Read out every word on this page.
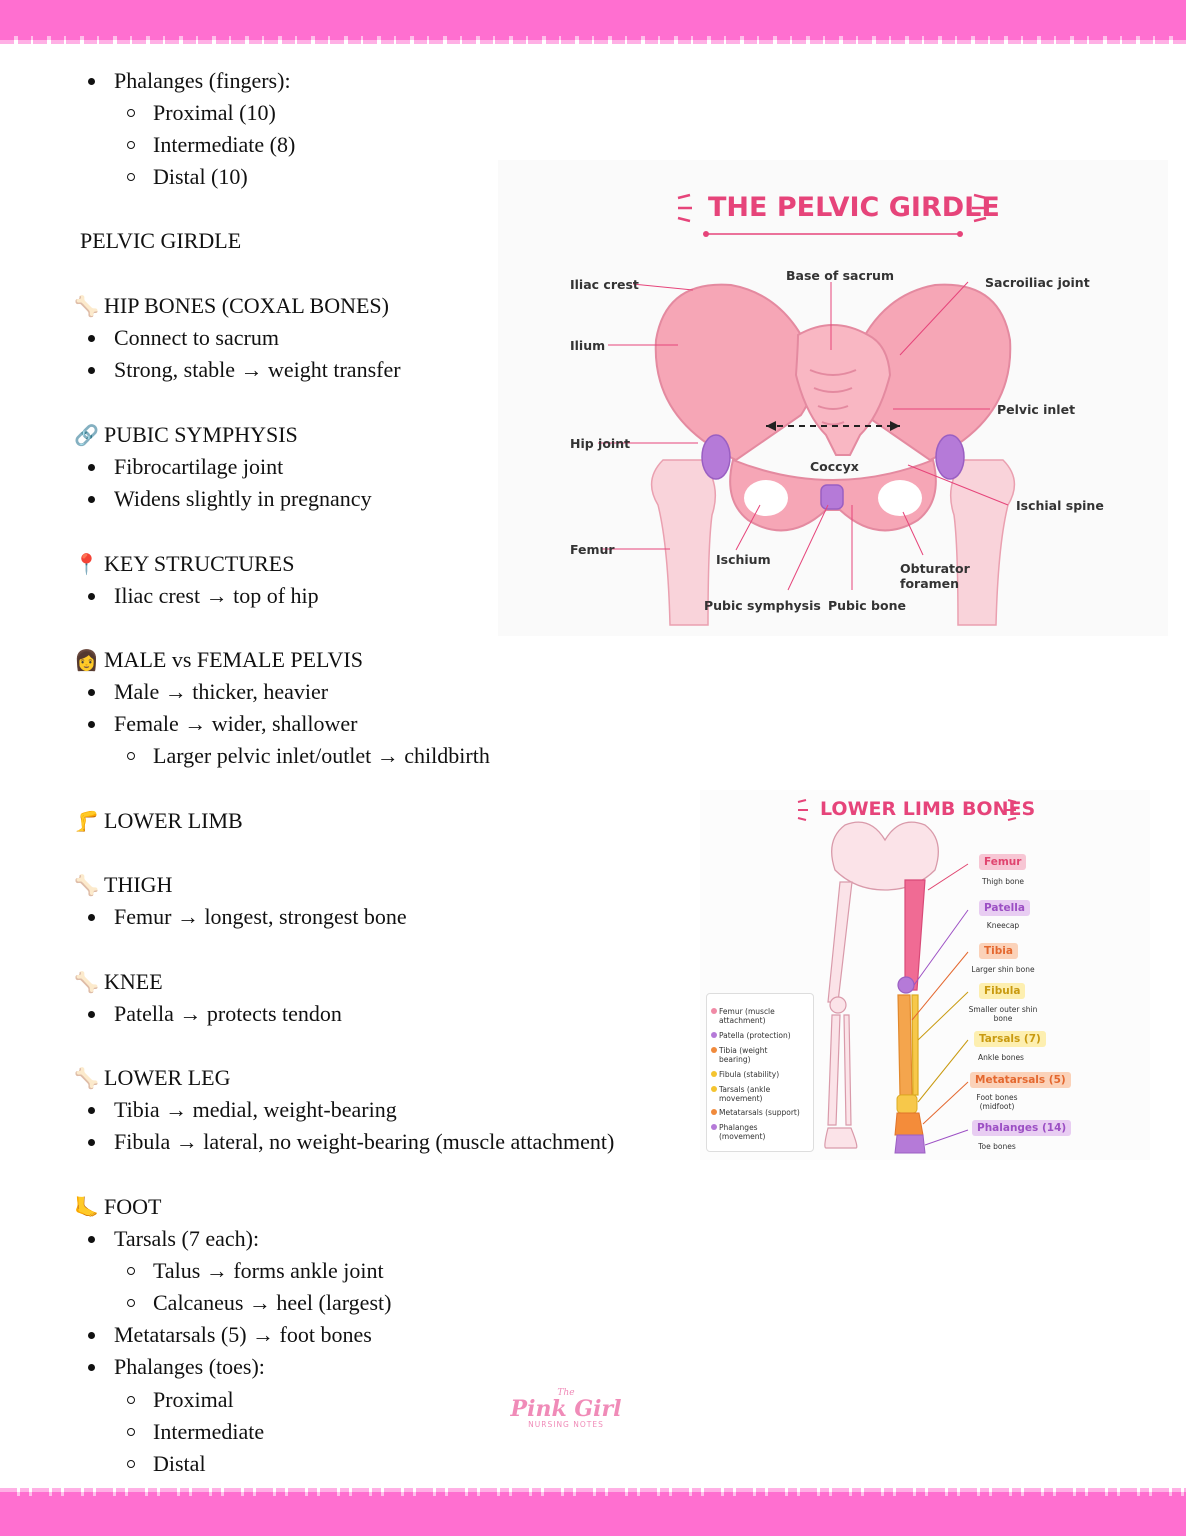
Phalanges (fingers):
Proximal (10)
Intermediate (8)
Distal (10)
PELVIC GIRDLE
🦴 HIP BONES (COXAL BONES)
Connect to sacrum
Strong, stable → weight transfer
🔗 PUBIC SYMPHYSIS
Fibrocartilage joint
Widens slightly in pregnancy
📍 KEY STRUCTURES
Iliac crest → top of hip
👩 MALE vs FEMALE PELVIS
Male → thicker, heavier
Female → wider, shallower
Larger pelvic inlet/outlet → childbirth
🦵 LOWER LIMB
🦴 THIGH
Femur → longest, strongest bone
🦴 KNEE
Patella → protects tendon
🦴 LOWER LEG
Tibia → medial, weight-bearing
Fibula → lateral, no weight-bearing (muscle attachment)
🦶 FOOT
Tarsals (7 each):
Talus → forms ankle joint
Calcaneus → heel (largest)
Metatarsals (5) → foot bones
Phalanges (toes):
Proximal
Intermediate
Distal
THE PELVIC GIRDLE
Iliac crest
Base of sacrum	Sacroiliac joint
Ilium
Pelvic inlet
Hip joint
Coccyx
Ischial spine
Femur
Ischium
Obturator
foramen
Pubic symphysis Pubic bone
LOWER LIMB BONES
Femur
Thigh bone
Patella
Kneecap
Tibia
Larger shin bone
Fibula
Smaller outer shin bone
Tarsals (7)
Ankle bones
Metatarsals (5)
Foot bones (midfoot)
Phalanges (14)
Toe bones
Femur (muscle attachment)
Patella (protection)
Tibia (weight bearing)
Fibula (stability)
Tarsals (ankle movement)
Metatarsals (support)
Phalanges (movement)
The
Pink Girl
NURSING NOTES
